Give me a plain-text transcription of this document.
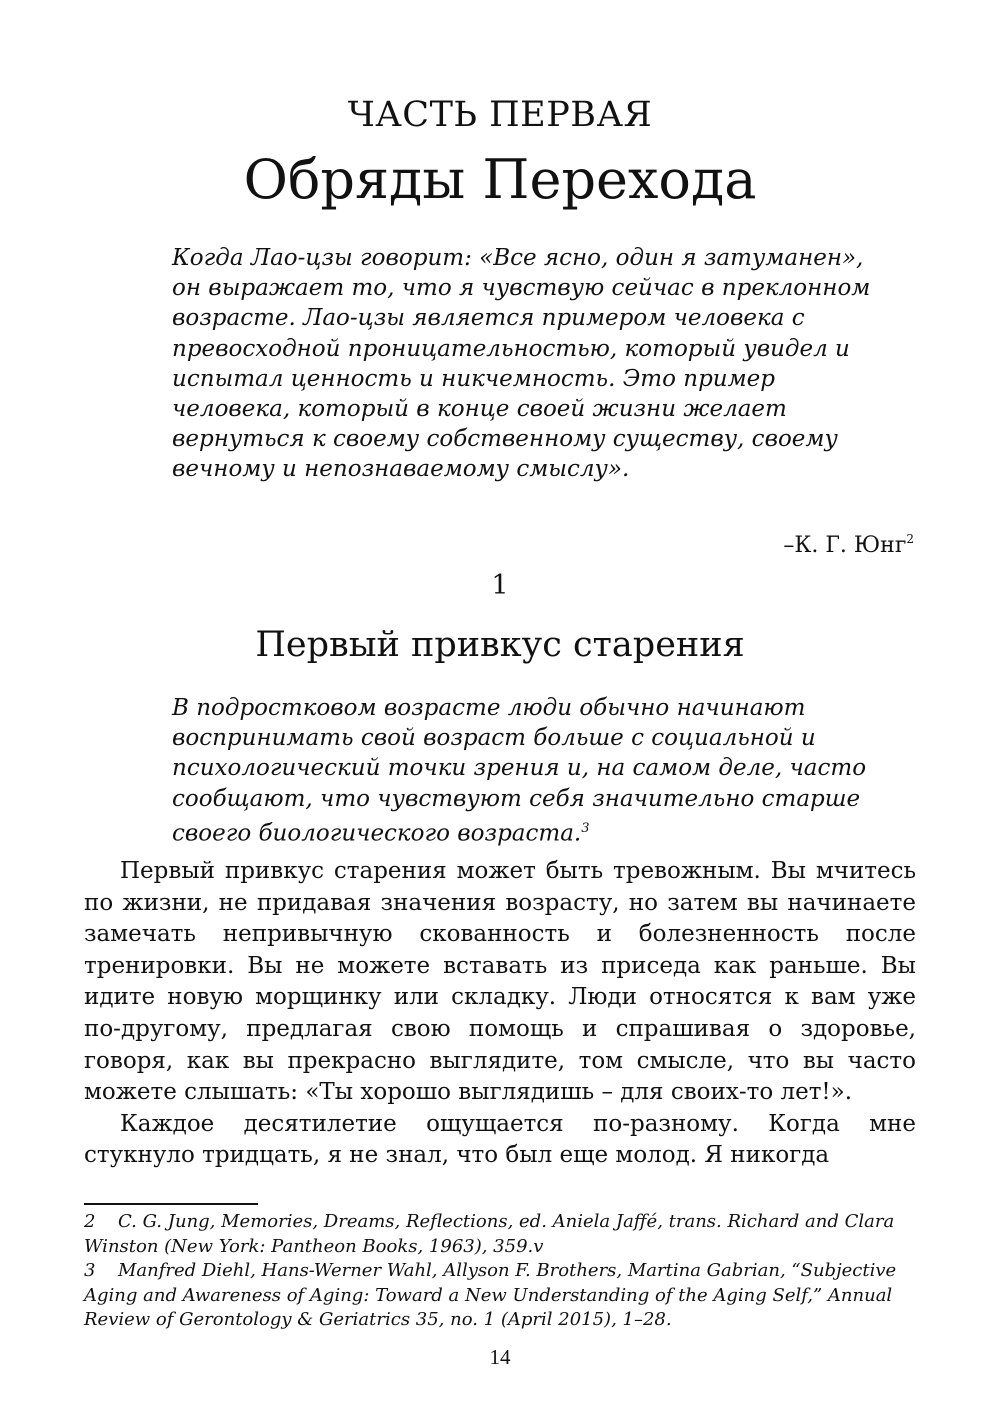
ЧАСТЬ ПЕРВАЯ
Обряды Перехода
Когда Лао-цзы говорит: «Все ясно, один я затуманен», он выражает то, что я чувствую сейчас в преклонном возрасте. Лао-цзы является примером человека с превосходной проницательностью, который увидел и испытал ценность и никчемность. Это пример человека, который в конце своей жизни желает вернуться к своему собственному существу, своему вечному и непознаваемому смыслу».
–К. Г. Юнг$^2$
1
Первый привкус старения
В подростковом возрасте люди обычно начинают воспринимать свой возраст больше с социальной и психологический точки зрения и, на самом деле, часто сообщают, что чувствуют себя значительно старше своего биологического возраста.$^3$

Первый привкус старения может быть тревожным. Вы мчитесь по жизни, не придавая значения возрасту, но затем вы начинаете замечать непривычную скованность и болезненность после тренировки. Вы не можете вставать из приседа как раньше. Вы идите новую морщинку или складку. Люди относятся к вам уже по-другому, предлагая свою помощь и спрашивая о здоровье, говоря, как вы прекрасно выглядите, том смысле, что вы часто можете слышать: «Ты хорошо выглядишь – для своих-то лет!».

Каждое десятилетие ощущается по-разному. Когда мне стукнуло тридцать, я не знал, что был еще молод. Я никогда

2 C. G. Jung, Memories, Dreams, Reflections, ed. Aniela Jaffé, trans. Richard and Clara Winston (New York: Pantheon Books, 1963), 359.v

3 Manfred Diehl, Hans-Werner Wahl, Allyson F. Brothers, Martina Gabrian, “Subjective Aging and Awareness of Aging: Toward a New Understanding of the Aging Self,” Annual Review of Gerontology & Geriatrics 35, no. 1 (April 2015), 1–28.

14
